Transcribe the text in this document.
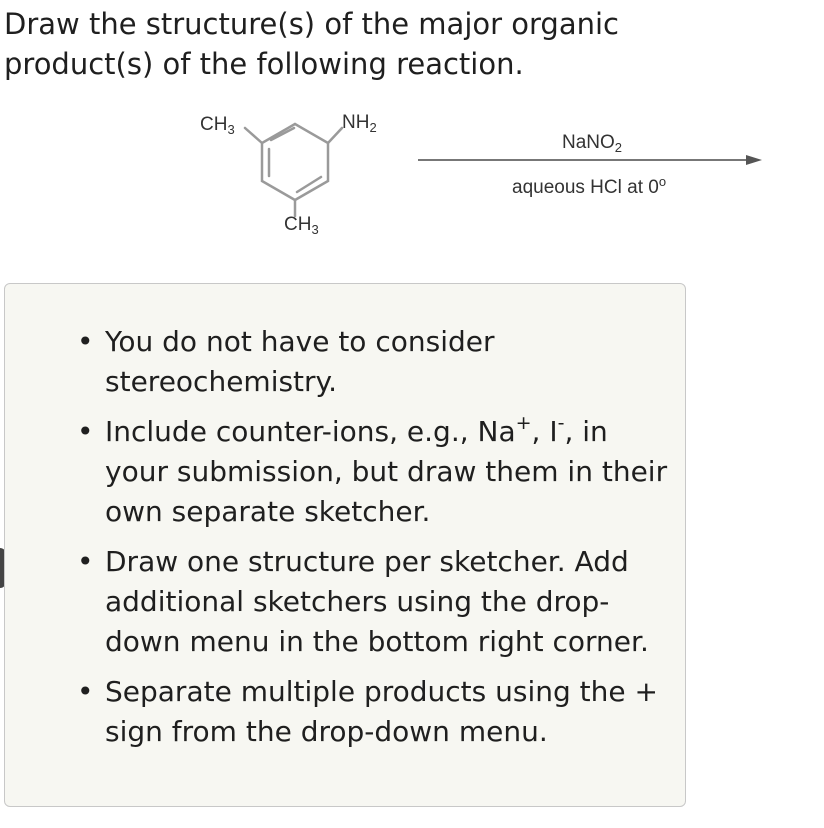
Draw the structure(s) of the major organic
product(s) of the following reaction.
$CH_3$	$NH_2$
$CH_3$
NaNO$_2$
aqueous HCl at 0$^o$
• You do not have to consider stereochemistry.
• Include counter-ions, e.g., Na+, I-, in your submission, but draw them in their own separate sketcher.
• Draw one structure per sketcher. Add additional sketchers using the drop-down menu in the bottom right corner.
• Separate multiple products using the + sign from the drop-down menu.
